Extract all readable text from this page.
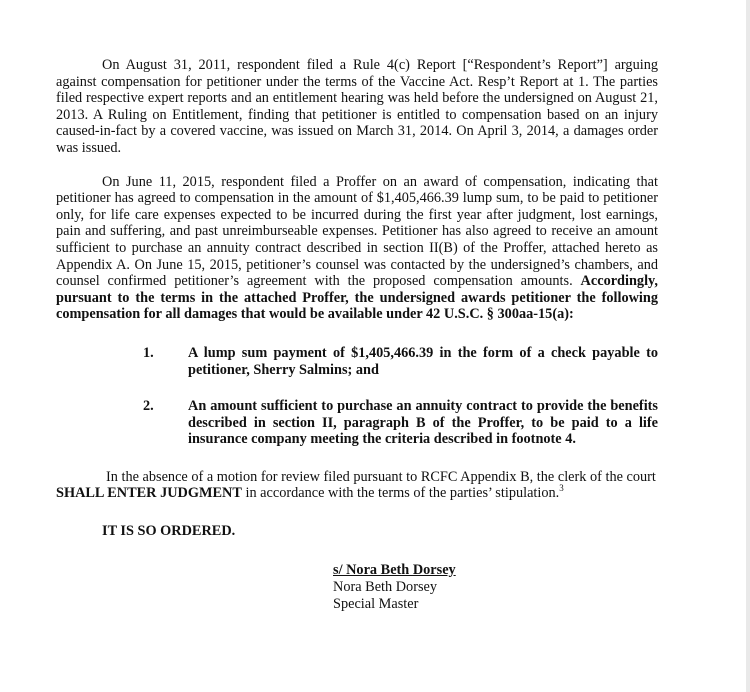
On August 31, 2011, respondent filed a Rule 4(c) Report [“Respondent’s Report”] arguing against compensation for petitioner under the terms of the Vaccine Act. Resp’t Report at 1. The parties filed respective expert reports and an entitlement hearing was held before the undersigned on August 21, 2013. A Ruling on Entitlement, finding that petitioner is entitled to compensation based on an injury caused-in-fact by a covered vaccine, was issued on March 31, 2014. On April 3, 2014, a damages order was issued.

On June 11, 2015, respondent filed a Proffer on an award of compensation, indicating that petitioner has agreed to compensation in the amount of $1,405,466.39 lump sum, to be paid to petitioner only, for life care expenses expected to be incurred during the first year after judgment, lost earnings, pain and suffering, and past unreimburseable expenses. Petitioner has also agreed to receive an amount sufficient to purchase an annuity contract described in section II(B) of the Proffer, attached hereto as Appendix A. On June 15, 2015, petitioner’s counsel was contacted by the undersigned’s chambers, and counsel confirmed petitioner’s agreement with the proposed compensation amounts. Accordingly, pursuant to the terms in the attached Proffer, the undersigned awards petitioner the following compensation for all damages that would be available under 42 U.S.C. § 300aa-15(a):

1.	A lump sum payment of $1,405,466.39 in the form of a check payable to petitioner, Sherry Salmins; and
2.	An amount sufficient to purchase an annuity contract to provide the benefits described in section II, paragraph B of the Proffer, to be paid to a life insurance company meeting the criteria described in footnote 4.

In the absence of a motion for review filed pursuant to RCFC Appendix B, the clerk of the court SHALL ENTER JUDGMENT in accordance with the terms of the parties’ stipulation.$^3$

IT IS SO ORDERED.
s/ Nora Beth Dorsey
Nora Beth Dorsey
Special Master
